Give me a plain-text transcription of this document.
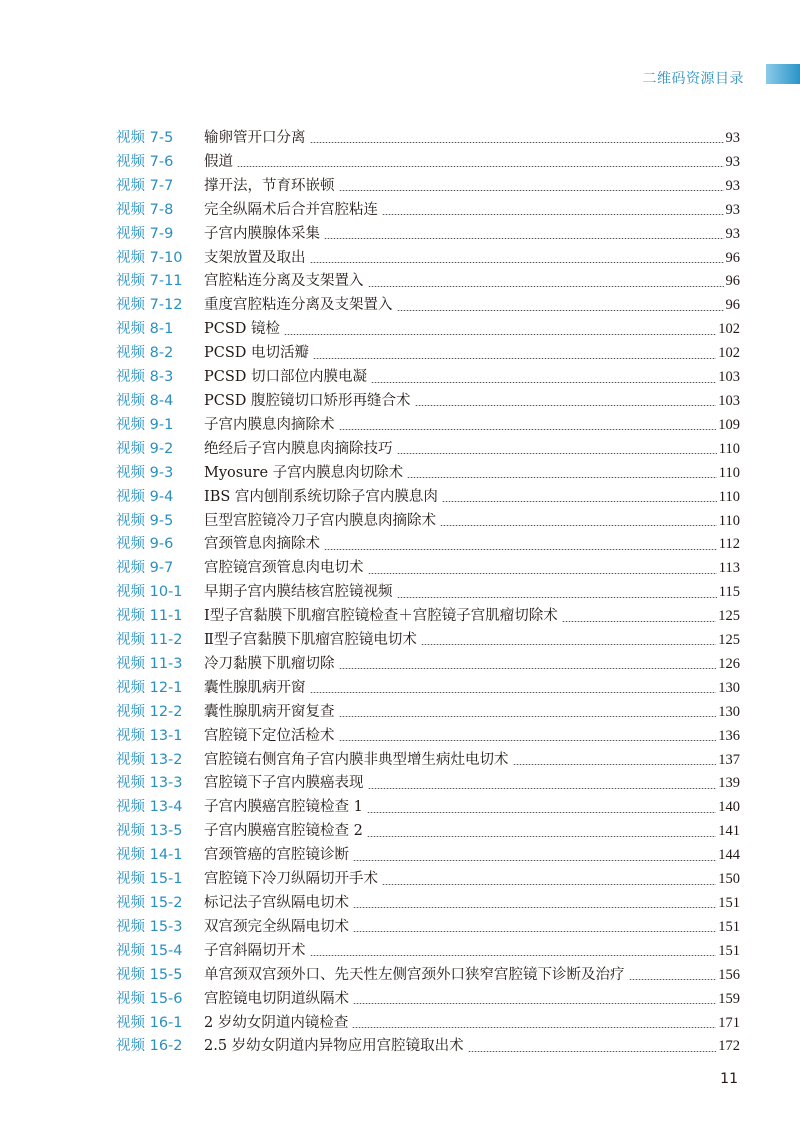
二维码资源目录
视频 7-5	输卵管开口分离	93
视频 7-6	假道	93
视频 7-7	撑开法，节育环嵌顿	93
视频 7-8	完全纵隔术后合并宫腔粘连	93
视频 7-9	子宫内膜腺体采集	93
视频 7-10	支架放置及取出	96
视频 7-11	宫腔粘连分离及支架置入	96
视频 7-12	重度宫腔粘连分离及支架置入	96
视频 8-1	PCSD 镜检	102
视频 8-2	PCSD 电切活瓣	102
视频 8-3	PCSD 切口部位内膜电凝	103
视频 8-4	PCSD 腹腔镜切口矫形再缝合术	103
视频 9-1	子宫内膜息肉摘除术	109
视频 9-2	绝经后子宫内膜息肉摘除技巧	110
视频 9-3	Myosure 子宫内膜息肉切除术	110
视频 9-4	IBS 宫内刨削系统切除子宫内膜息肉	110
视频 9-5	巨型宫腔镜冷刀子宫内膜息肉摘除术	110
视频 9-6	宫颈管息肉摘除术	112
视频 9-7	宫腔镜宫颈管息肉电切术	113
视频 10-1	早期子宫内膜结核宫腔镜视频	115
视频 11-1	Ⅰ型子宫黏膜下肌瘤宫腔镜检查＋宫腔镜子宫肌瘤切除术	125
视频 11-2	Ⅱ型子宫黏膜下肌瘤宫腔镜电切术	125
视频 11-3	冷刀黏膜下肌瘤切除	126
视频 12-1	囊性腺肌病开窗	130
视频 12-2	囊性腺肌病开窗复查	130
视频 13-1	宫腔镜下定位活检术	136
视频 13-2	宫腔镜右侧宫角子宫内膜非典型增生病灶电切术	137
视频 13-3	宫腔镜下子宫内膜癌表现	139
视频 13-4	子宫内膜癌宫腔镜检查 1	140
视频 13-5	子宫内膜癌宫腔镜检查 2	141
视频 14-1	宫颈管癌的宫腔镜诊断	144
视频 15-1	宫腔镜下冷刀纵隔切开手术	150
视频 15-2	标记法子宫纵隔电切术	151
视频 15-3	双宫颈完全纵隔电切术	151
视频 15-4	子宫斜隔切开术	151
视频 15-5	单宫颈双宫颈外口、先天性左侧宫颈外口狭窄宫腔镜下诊断及治疗	156
视频 15-6	宫腔镜电切阴道纵隔术	159
视频 16-1	2 岁幼女阴道内镜检查	171
视频 16-2	2.5 岁幼女阴道内异物应用宫腔镜取出术	172
11
